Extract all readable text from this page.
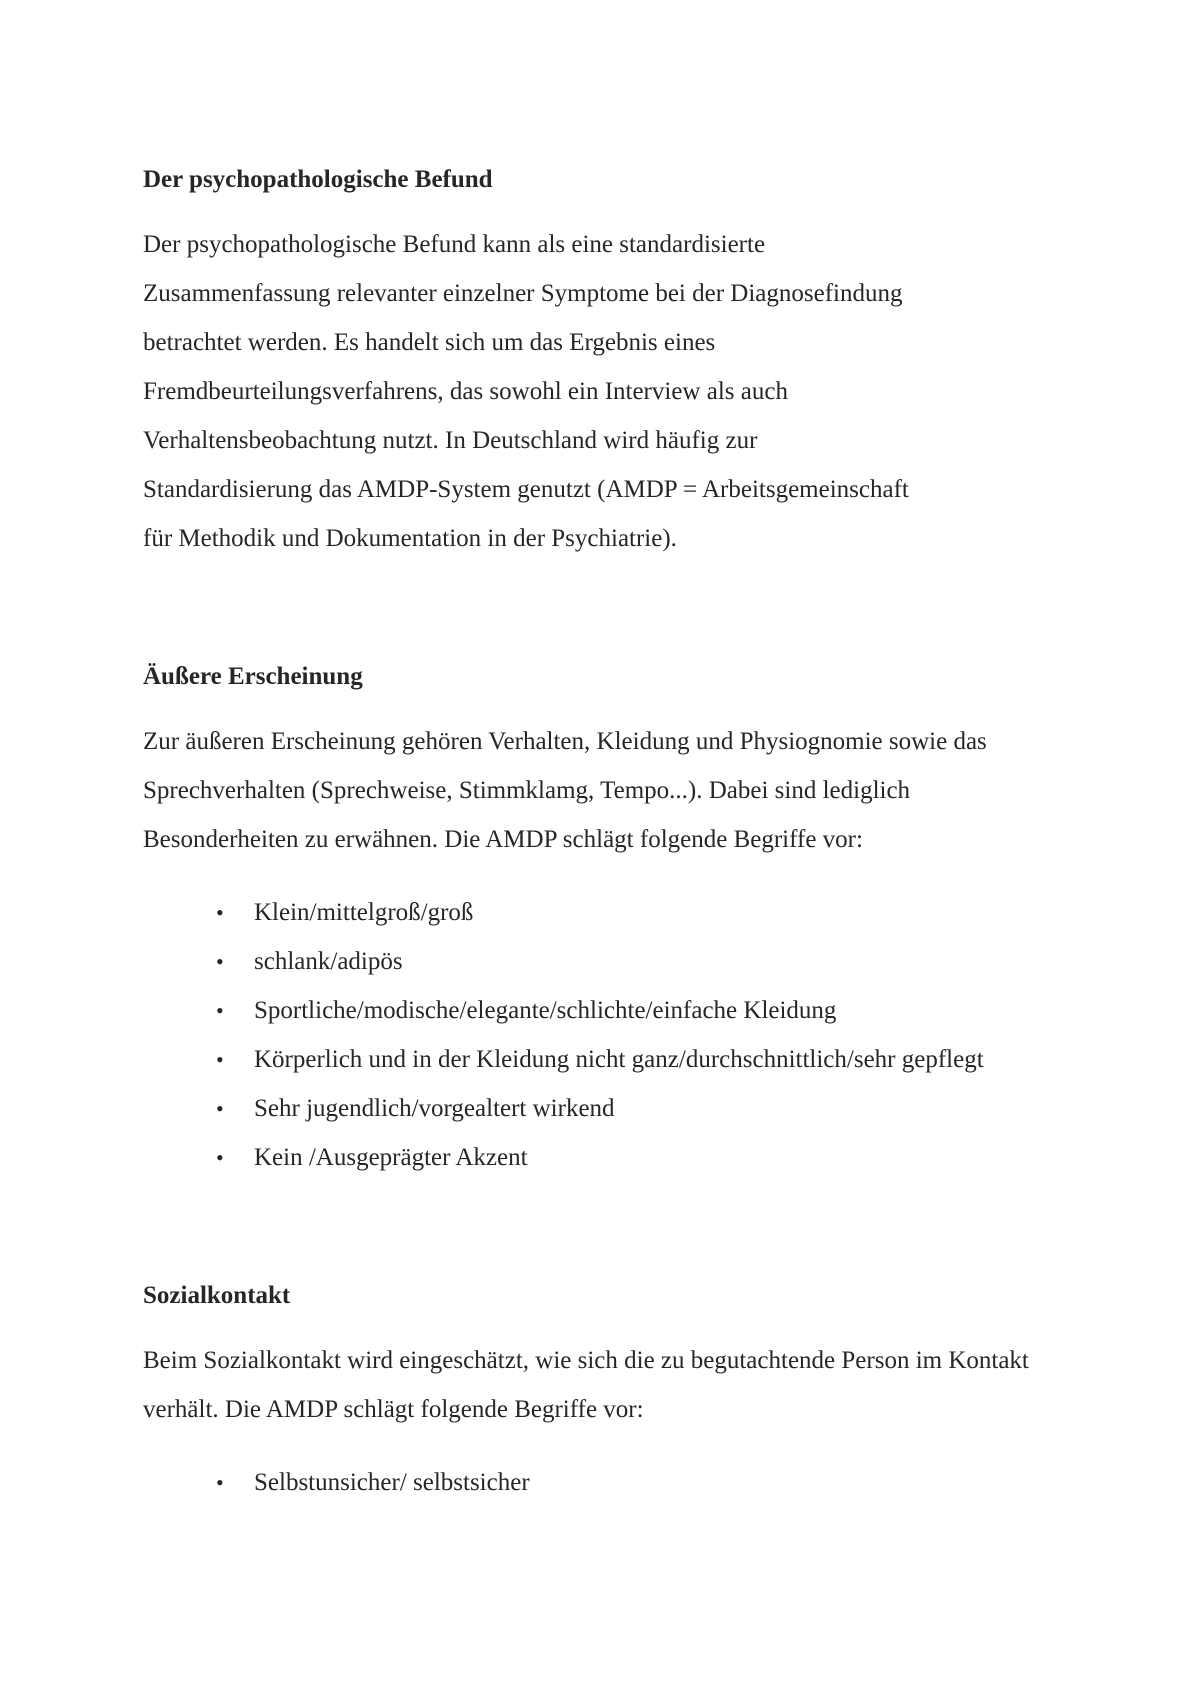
Der psychopathologische Befund
Der psychopathologische Befund kann als eine standardisierte Zusammenfassung relevanter einzelner Symptome bei der Diagnosefindung betrachtet werden. Es handelt sich um das Ergebnis eines Fremdbeurteilungsverfahrens, das sowohl ein Interview als auch Verhaltensbeobachtung nutzt. In Deutschland wird häufig zur Standardisierung das AMDP-System genutzt (AMDP = Arbeitsgemeinschaft für Methodik und Dokumentation in der Psychiatrie).
Äußere Erscheinung
Zur äußeren Erscheinung gehören Verhalten, Kleidung und Physiognomie sowie das Sprechverhalten (Sprechweise, Stimmklamg, Tempo...). Dabei sind lediglich Besonderheiten zu erwähnen. Die AMDP schlägt folgende Begriffe vor:
• Klein/mittelgroß/groß
• schlank/adipös
• Sportliche/modische/elegante/schlichte/einfache Kleidung
• Körperlich und in der Kleidung nicht ganz/durchschnittlich/sehr gepflegt
• Sehr jugendlich/vorgealtert wirkend
• Kein /Ausgeprägter Akzent
Sozialkontakt
Beim Sozialkontakt wird eingeschätzt, wie sich die zu begutachtende Person im Kontakt verhält. Die AMDP schlägt folgende Begriffe vor:
• Selbstunsicher/ selbstsicher
